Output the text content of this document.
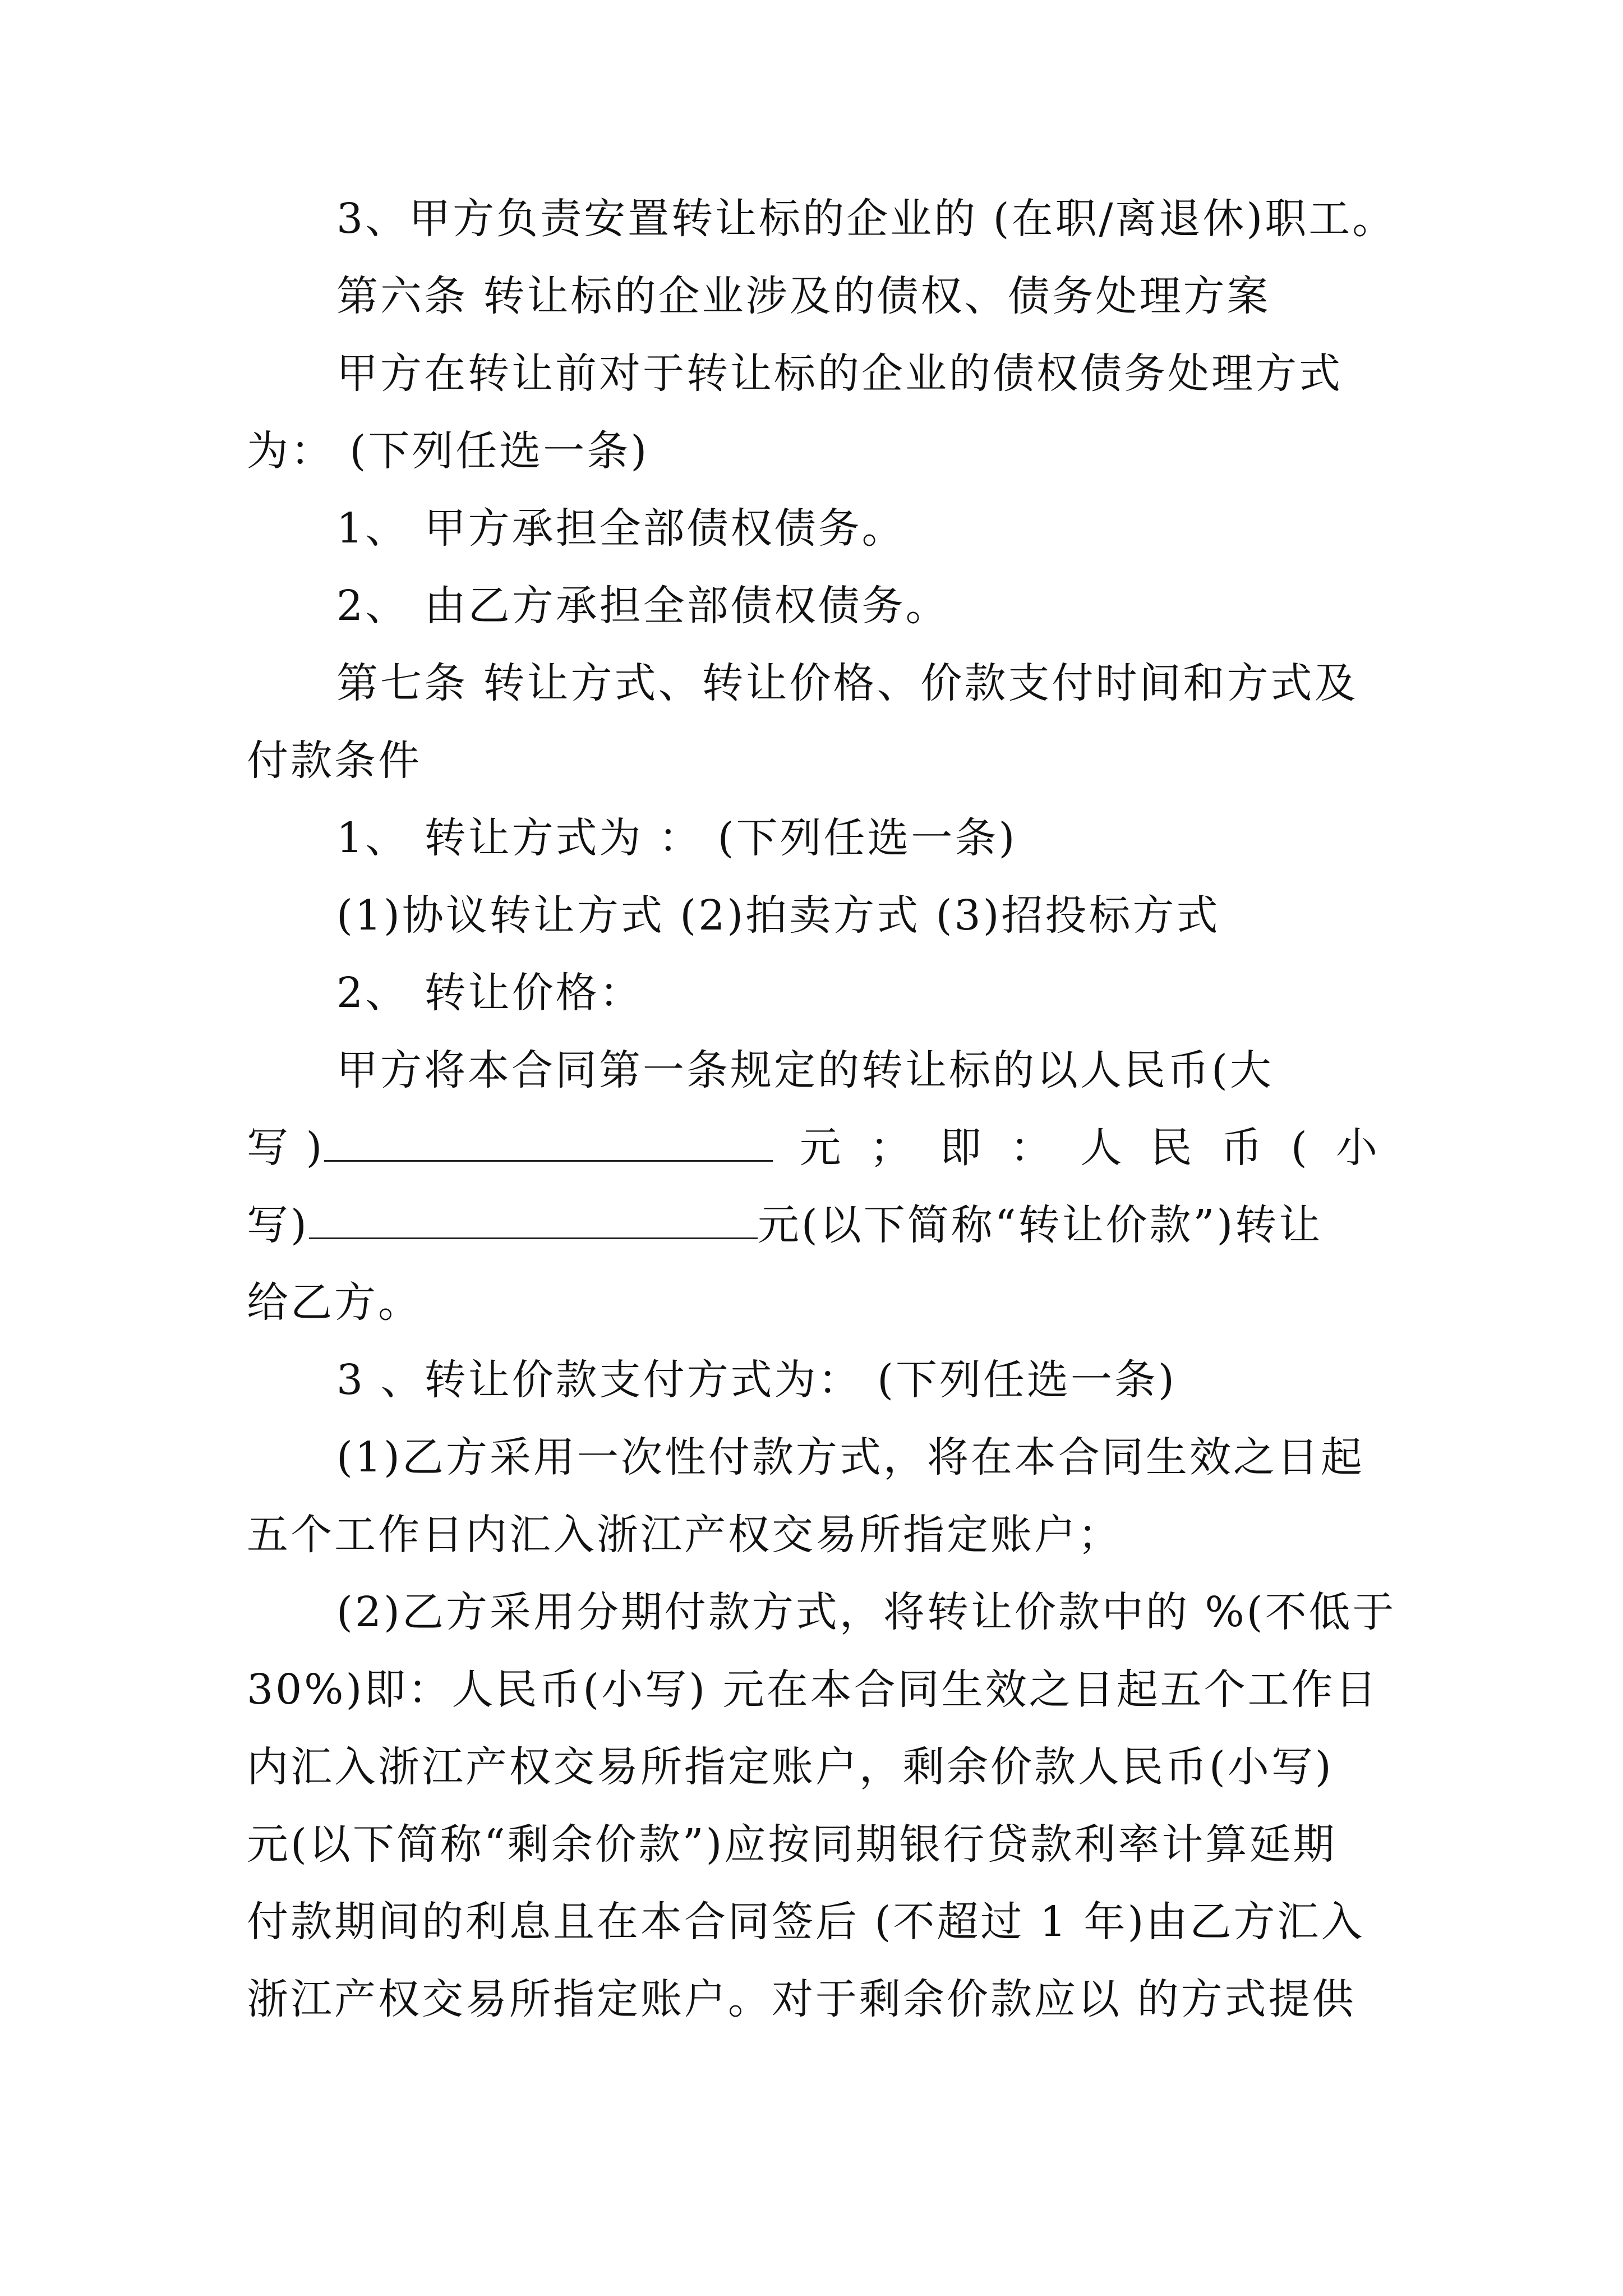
3、甲方负责安置转让标的企业的 (在职/离退休)职工。
第六条 转让标的企业涉及的债权、债务处理方案
甲方在转让前对于转让标的企业的债权债务处理方式
为： (下列任选一条)
1、 甲方承担全部债权债务。
2、 由乙方承担全部债权债务。
第七条 转让方式、转让价格、价款支付时间和方式及
付款条件
1、 转让方式为 ： (下列任选一条)
(1)协议转让方式 (2)拍卖方式 (3)招投标方式
2、 转让价格：
甲方将本合同第一条规定的转让标的以人民币(大
写 )	元 ； 即 ： 人 民 币 ( 小
写)	元(以下简称“转让价款”)转让
给乙方。
3 、转让价款支付方式为： (下列任选一条)
(1)乙方采用一次性付款方式，将在本合同生效之日起
五个工作日内汇入浙江产权交易所指定账户；
(2)乙方采用分期付款方式，将转让价款中的 %(不低于
30%)即：人民币(小写) 元在本合同生效之日起五个工作日
内汇入浙江产权交易所指定账户，剩余价款人民币(小写)
元(以下简称“剩余价款”)应按同期银行贷款利率计算延期
付款期间的利息且在本合同签后 (不超过 1 年)由乙方汇入
浙江产权交易所指定账户。对于剩余价款应以 的方式提供
